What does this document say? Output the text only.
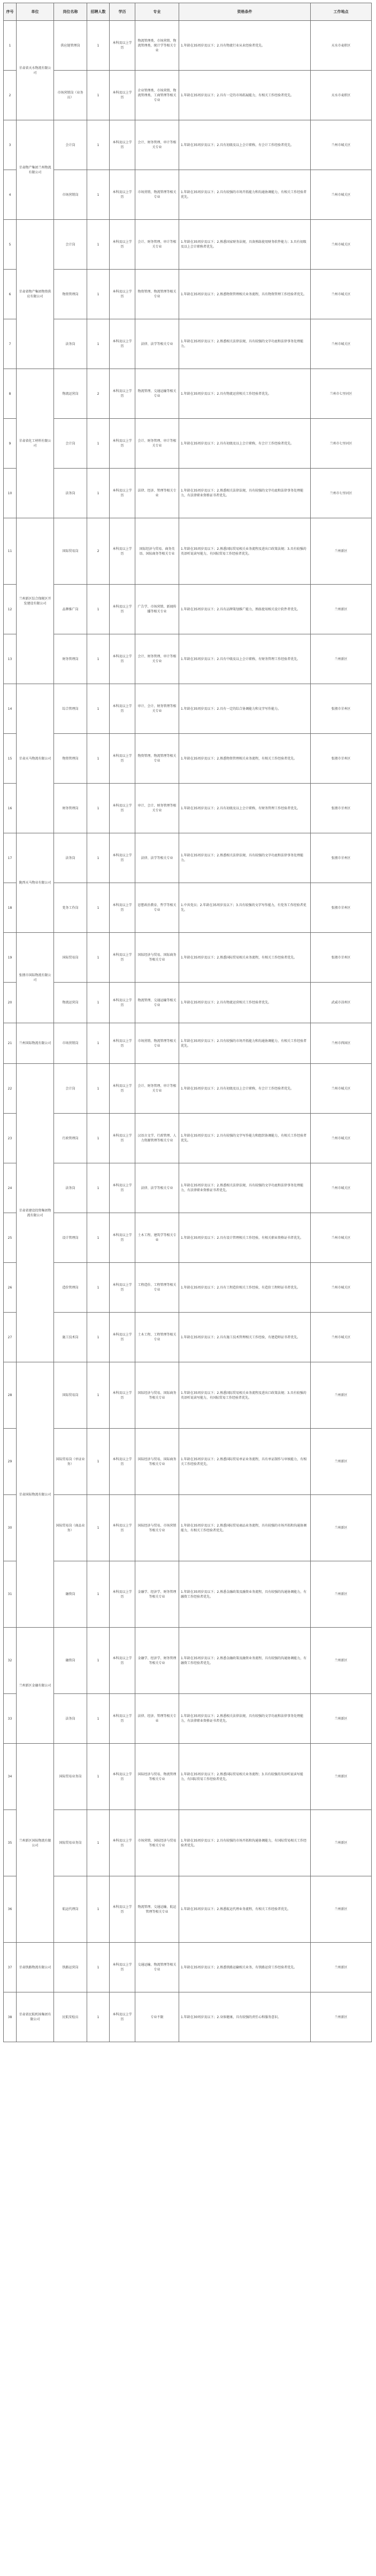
序号	单位	岗位名称	招聘人数	学历	专业	资格条件	工作地点
1	甘肃省天水物流有限公司	供应链管理岗	1	本科及以上学历	物流管理类、市场营销、物流管理类、统计学等相关专业	1.年龄在35周岁及以下；2.具有物流行业从业经验者优先。	天水市麦积区
2		市场营销岗（业务员）	1	本科及以上学历	企业管理类、市场营销、物流管理类、工商管理等相关专业	1.年龄在35周岁及以下；2.具有一定的市场拓展能力，有相关工作经验者优先。	天水市麦积区
3	甘肃物产集团兰州物流有限公司	会计岗	1	本科及以上学历	会计、财务管理、审计等相关专业	1.年龄在35周岁及以下；2.具有初级及以上会计职称，有会计工作经验者优先。	兰州市城关区
4		市场营销岗	1	本科及以上学历	市场营销、物流管理等相关专业	1.年龄在35周岁及以下；2.具有较强的市场开拓能力和沟通协调能力，有相关工作经验者优先。	兰州市城关区
5	甘肃省物产集团物资供应有限公司	会计岗	1	本科及以上学历	会计、财务管理、审计等相关专业	1.年龄在35周岁及以下；2.熟悉国家财务法规，具备熟练使用财务软件能力；3.具有初级及以上会计职称者优先。	兰州市城关区
6		物资管理岗	1	本科及以上学历	物资管理、物流管理等相关专业	1.年龄在35周岁及以下；2.熟悉物资管理相关业务流程，具有物资管理工作经验者优先。	兰州市城关区
7		法务岗	1	本科及以上学历	法律、法学等相关专业	1.年龄在35周岁及以下；2.熟悉相关法律法规，具有较强的文字功底和法律事务处理能力。	兰州市城关区
8	甘肃省化工材料有限公司	物流运营岗	2	本科及以上学历	物流管理、交通运输等相关专业	1.年龄在35周岁及以下；2.具有物流运营相关工作经验者优先。	兰州市七里河区
9		会计岗	1	本科及以上学历	会计、财务管理、审计等相关专业	1.年龄在35周岁及以下；2.具有初级及以上会计职称，有会计工作经验者优先。	兰州市七里河区
10		法务岗	1	本科及以上学历	法律、经济、管理等相关专业	1.年龄在35周岁及以下；2.熟悉相关法律法规，具有较强的文字功底和法律事务处理能力，有法律职业资格证书者优先。	兰州市七里河区
11	兰州新区综合保税区开发建设有限公司	国际贸易岗	2	本科及以上学历	国际经济与贸易、商务英语、国际商务等相关专业	1.年龄在35周岁及以下；2.熟悉国际贸易相关业务流程及进出口政策法规；3.具有较强的英语听说读写能力，有国际贸易工作经验者优先。	兰州新区
12		品牌推广岗	1	本科及以上学历	广告学、市场营销、新闻传播等相关专业	1.年龄在35周岁及以下；2.具有品牌策划推广能力，熟练使用相关设计软件者优先。	兰州新区
13		财务管理岗	1	本科及以上学历	会计、财务管理、审计等相关专业	1.年龄在35周岁及以下；2.具有中级及以上会计职称，有财务管理工作经验者优先。	兰州新区
14	甘肃天马物流有限公司	综合管理岗	1	本科及以上学历	审计、会计、财务管理等相关专业	1.年龄在35周岁及以下；2.具有一定的综合协调能力和文字写作能力。	张掖市甘州区
15		物资管理岗	1	本科及以上学历	物资管理、物流管理等相关专业	1.年龄在35周岁及以下；2.熟悉物资管理相关业务流程，有相关工作经验者优先。	张掖市甘州区
16		财务管理岗	1	本科及以上学历	审计、会计、财务管理等相关专业	1.年龄在35周岁及以下；2.具有初级及以上会计职称，有财务管理工作经验者优先。	张掖市甘州区
17	陇西天马物业有限公司	法务岗	1	本科及以上学历	法律、法学等相关专业	1.年龄在35周岁及以下；2.熟悉相关法律法规，具有较强的文字功底和法律事务处理能力。	张掖市甘州区
18		党务工作岗	1	本科及以上学历	思想政治教育、哲学等相关专业	1.中共党员；2.年龄在35周岁及以下；3.具有较强的文字写作能力，有党务工作经验者优先。	张掖市甘州区
19	张掖市国际物流有限公司	国际贸易岗	1	本科及以上学历	国际经济与贸易、国际商务等相关专业	1.年龄在35周岁及以下；2.熟悉国际贸易相关业务流程，有相关工作经验者优先。	张掖市甘州区
20		物流运营岗	1	本科及以上学历	物流管理、交通运输等相关专业	1.年龄在35周岁及以下；2.具有物流运营相关工作经验者优先。	武威市凉州区
21	兰州国际物流有限公司	市场营销岗	1	本科及以上学历	市场营销、物流管理等相关专业	1.年龄在35周岁及以下；2.具有较强的市场开拓能力和沟通协调能力，有相关工作经验者优先。	兰州市西固区
22	甘肃省建设投资集团物流有限公司	会计岗	1	本科及以上学历	会计、财务管理、审计等相关专业	1.年龄在35周岁及以下；2.具有初级及以上会计职称，有会计工作经验者优先。	兰州市城关区
23		行政管理岗	1	本科及以上学历	汉语言文学、行政管理、人力资源管理等相关专业	1.年龄在35周岁及以下；2.具有较强的文字写作能力和组织协调能力，有相关工作经验者优先。	兰州市城关区
24		法务岗	1	本科及以上学历	法律、法学等相关专业	1.年龄在35周岁及以下；2.熟悉相关法律法规，具有较强的文字功底和法律事务处理能力，有法律职业资格证书者优先。	兰州市城关区
25		设计管理岗	1	本科及以上学历	土木工程、建筑学等相关专业	1.年龄在35周岁及以下；2.具有设计管理相关工作经验，有相关职业资格证书者优先。	兰州市城关区
26		造价管理岗	1	本科及以上学历	工程造价、工程管理等相关专业	1.年龄在35周岁及以下；2.具有工程造价相关工作经验，有造价工程师证书者优先。	兰州市城关区
27		施工技术岗	1	本科及以上学历	土木工程、工程管理等相关专业	1.年龄在35周岁及以下；2.具有施工技术管理相关工作经验，有建造师证书者优先。	兰州市城关区
28	甘肃国际物流有限公司	国际贸易岗	1	本科及以上学历	国际经济与贸易、国际商务等相关专业	1.年龄在35周岁及以下；2.熟悉国际贸易相关业务流程及进出口政策法规；3.具有较强的英语听说读写能力，有国际贸易工作经验者优先。	兰州新区
29		国际贸易岗（单证业务）	1	本科及以上学历	国际经济与贸易、国际商务等相关专业	1.年龄在35周岁及以下；2.熟悉国际贸易单证业务流程，具有单证制作与审核能力，有相关工作经验者优先。	兰州新区
30		国际贸易岗（商品业务）	1	本科及以上学历	国际经济与贸易、市场营销等相关专业	1.年龄在35周岁及以下；2.熟悉国际贸易商品业务流程，具有较强的市场开拓和沟通协调能力，有相关工作经验者优先。	兰州新区
31		融资岗	1	本科及以上学历	金融学、经济学、财务管理等相关专业	1.年龄在35周岁及以下；2.熟悉金融政策及融资业务流程，具有较强的沟通协调能力，有融资工作经验者优先。	兰州新区
32	兰州新区金融有限公司	融资岗	1	本科及以上学历	金融学、经济学、财务管理等相关专业	1.年龄在35周岁及以下；2.熟悉金融政策及融资业务流程，具有较强的沟通协调能力，有融资工作经验者优先。	兰州新区
33		法务岗	1	本科及以上学历	法律、经济、管理等相关专业	1.年龄在35周岁及以下；2.熟悉相关法律法规，具有较强的文字功底和法律事务处理能力，有法律职业资格证书者优先。	兰州新区
34	兰州新区国际物流有限公司	国际贸易业务岗	1	本科及以上学历	国际经济与贸易、物流管理等相关专业	1.年龄在35周岁及以下；2.熟悉国际贸易相关业务流程；3.具有较强的英语听说读写能力，有国际贸易工作经验者优先。	兰州新区
35		国际贸易业务岗	1	本科及以上学历	市场营销、国际经济与贸易等相关专业	1.年龄在35周岁及以下；2.具有较强的市场开拓和沟通协调能力，有国际贸易相关工作经验者优先。	兰州新区
36		航运代理岗	1	本科及以上学历	物流管理、交通运输、航运管理等相关专业	1.年龄在35周岁及以下；2.熟悉航运代理业务流程，有相关工作经验者优先。	兰州新区
37	甘肃铁路物流有限公司	铁路运营岗	1	本科及以上学历	交通运输、物流管理等相关专业	1.年龄在35周岁及以下；2.熟悉铁路运输相关业务，有铁路运营工作经验者优先。	兰州新区
38	甘肃省民航机场集团有限公司	民航安检员	1	本科及以上学历	专业不限	1.年龄在30周岁及以下；2.身体健康，具有较强的责任心和服务意识。	兰州新区
